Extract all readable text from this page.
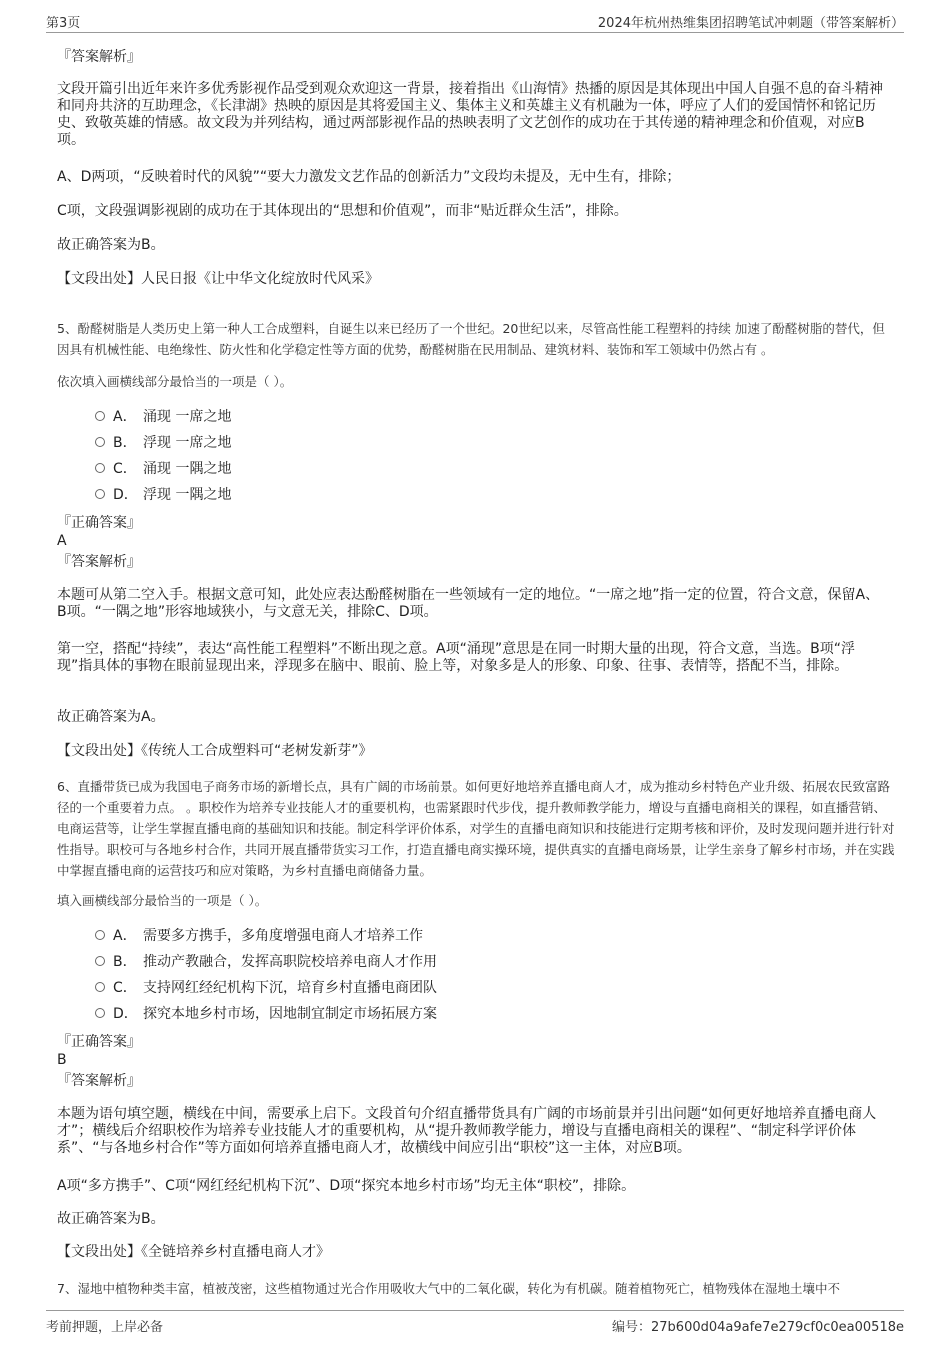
第3页	2024年杭州热维集团招聘笔试冲刺题（带答案解析）
『答案解析』
文段开篇引出近年来许多优秀影视作品受到观众欢迎这一背景，接着指出《山海情》热播的原因是其体现出中国人自强不息的奋斗精神和同舟共济的互助理念，《长津湖》热映的原因是其将爱国主义、集体主义和英雄主义有机融为一体，呼应了人们的爱国情怀和铭记历史、致敬英雄的情感。故文段为并列结构，通过两部影视作品的热映表明了文艺创作的成功在于其传递的精神理念和价值观，对应B项。
A、D两项，“反映着时代的风貌”“要大力激发文艺作品的创新活力”文段均未提及，无中生有，排除；
C项，文段强调影视剧的成功在于其体现出的“思想和价值观”，而非“贴近群众生活”，排除。
故正确答案为B。
【文段出处】人民日报《让中华文化绽放时代风采》
5、酚醛树脂是人类历史上第一种人工合成塑料，自诞生以来已经历了一个世纪。20世纪以来，尽管高性能工程塑料的持续 加速了酚醛树脂的替代，但因具有机械性能、电绝缘性、防火性和化学稳定性等方面的优势，酚醛树脂在民用制品、建筑材料、装饰和军工领域中仍然占有 。
依次填入画横线部分最恰当的一项是（ ）。
A． 涌现 一席之地
B． 浮现 一席之地
C． 涌现 一隅之地
D． 浮现 一隅之地
『正确答案』
A
『答案解析』
本题可从第二空入手。根据文意可知，此处应表达酚醛树脂在一些领域有一定的地位。“一席之地”指一定的位置，符合文意，保留A、B项。“一隅之地”形容地域狭小，与文意无关，排除C、D项。
第一空，搭配“持续”，表达“高性能工程塑料”不断出现之意。A项“涌现”意思是在同一时期大量的出现，符合文意，当选。B项“浮现”指具体的事物在眼前显现出来，浮现多在脑中、眼前、脸上等，对象多是人的形象、印象、往事、表情等，搭配不当，排除。
故正确答案为A。
【文段出处】《传统人工合成塑料可“老树发新芽”》
6、直播带货已成为我国电子商务市场的新增长点，具有广阔的市场前景。如何更好地培养直播电商人才，成为推动乡村特色产业升级、拓展农民致富路径的一个重要着力点。 。职校作为培养专业技能人才的重要机构，也需紧跟时代步伐，提升教师教学能力，增设与直播电商相关的课程，如直播营销、电商运营等，让学生掌握直播电商的基础知识和技能。制定科学评价体系，对学生的直播电商知识和技能进行定期考核和评价，及时发现问题并进行针对性指导。职校可与各地乡村合作，共同开展直播带货实习工作，打造直播电商实操环境，提供真实的直播电商场景，让学生亲身了解乡村市场，并在实践中掌握直播电商的运营技巧和应对策略，为乡村直播电商储备力量。
填入画横线部分最恰当的一项是（ ）。
A． 需要多方携手，多角度增强电商人才培养工作
B． 推动产教融合，发挥高职院校培养电商人才作用
C． 支持网红经纪机构下沉，培育乡村直播电商团队
D． 探究本地乡村市场，因地制宜制定市场拓展方案
『正确答案』
B
『答案解析』
本题为语句填空题，横线在中间，需要承上启下。文段首句介绍直播带货具有广阔的市场前景并引出问题“如何更好地培养直播电商人才”；横线后介绍职校作为培养专业技能人才的重要机构，从“提升教师教学能力，增设与直播电商相关的课程”、“制定科学评价体系”、“与各地乡村合作”等方面如何培养直播电商人才，故横线中间应引出“职校”这一主体，对应B项。
A项“多方携手”、C项“网红经纪机构下沉”、D项“探究本地乡村市场”均无主体“职校”，排除。
故正确答案为B。
【文段出处】《全链培养乡村直播电商人才》
7、湿地中植物种类丰富，植被茂密，这些植物通过光合作用吸收大气中的二氧化碳，转化为有机碳。随着植物死亡，植物残体在湿地土壤中不
考前押题，上岸必备	编号：27b600d04a9afe7e279cf0c0ea00518e
